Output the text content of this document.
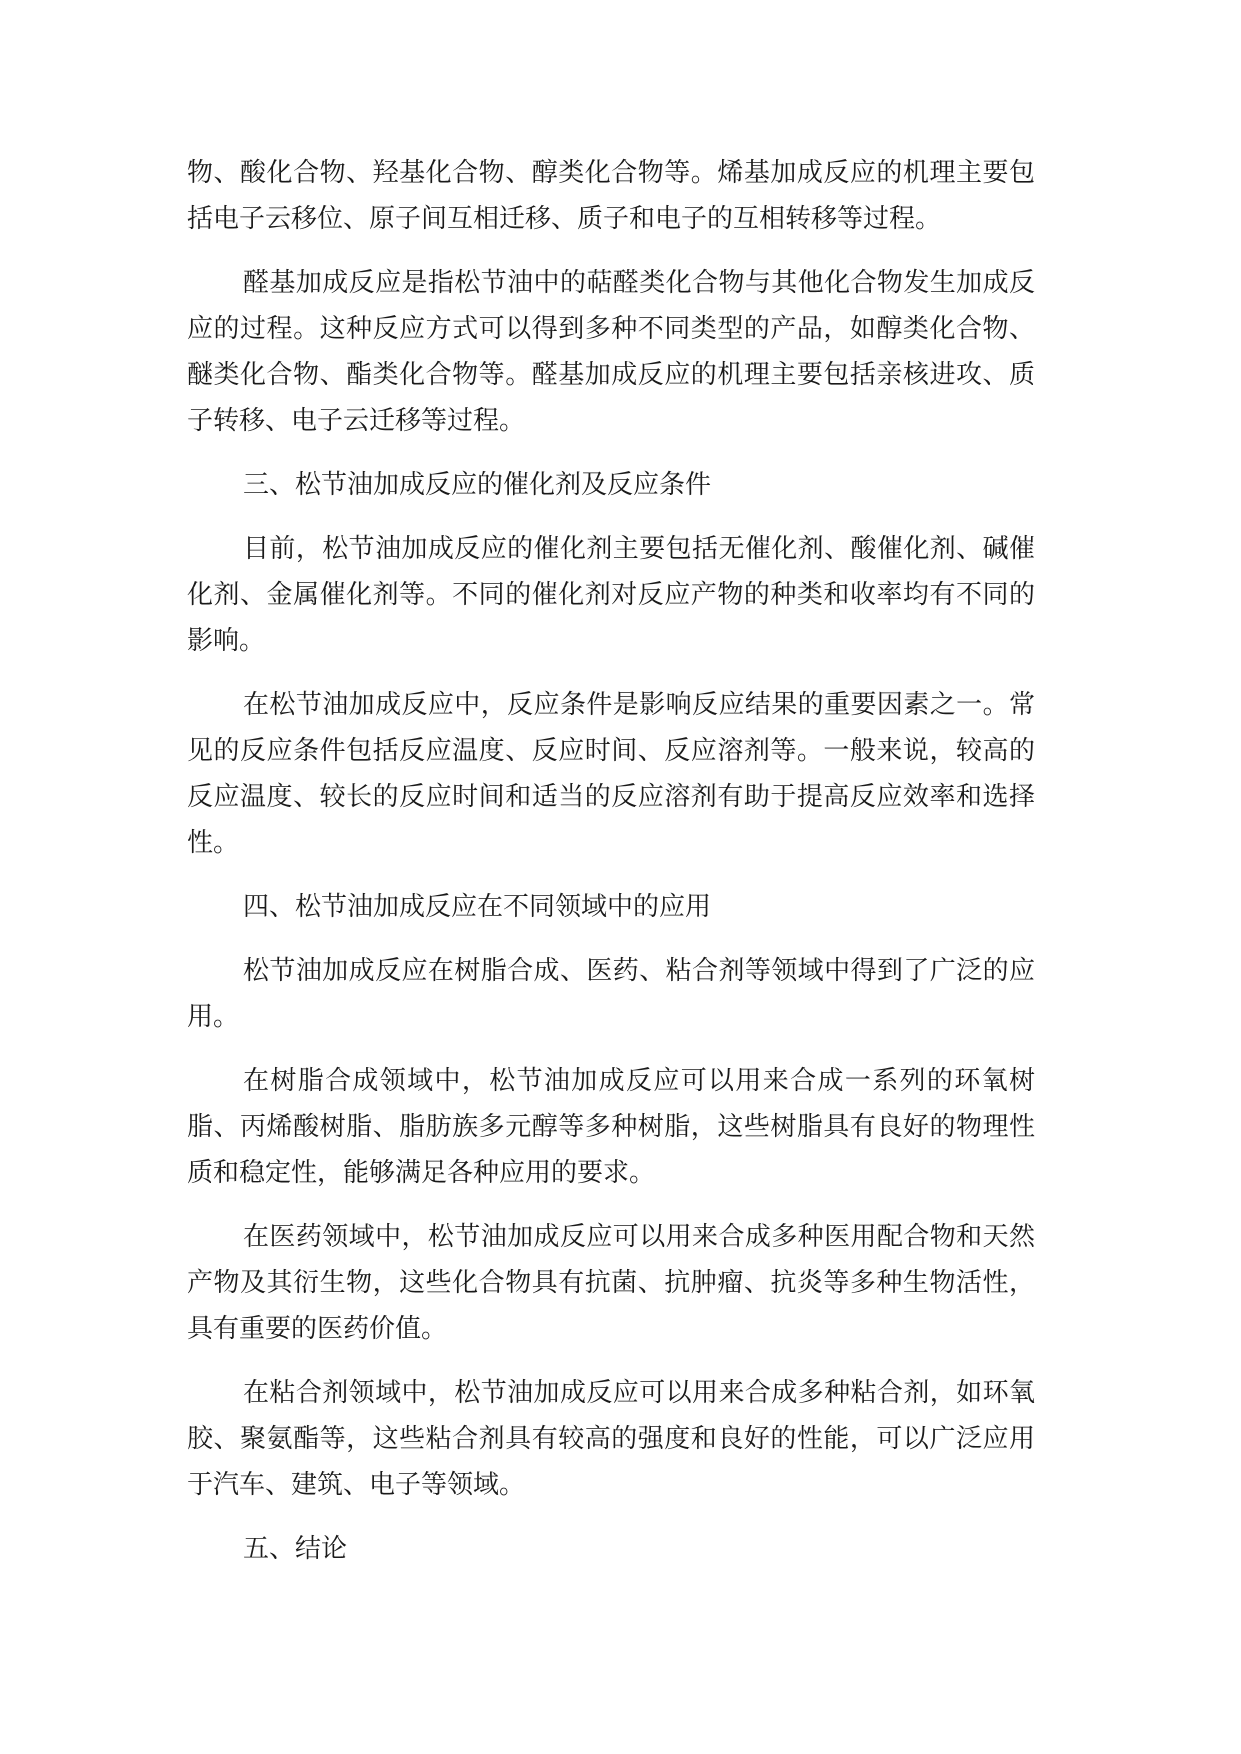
物、酸化合物、羟基化合物、醇类化合物等。烯基加成反应的机理主要包括电子云移位、原子间互相迁移、质子和电子的互相转移等过程。

醛基加成反应是指松节油中的萜醛类化合物与其他化合物发生加成反应的过程。这种反应方式可以得到多种不同类型的产品，如醇类化合物、醚类化合物、酯类化合物等。醛基加成反应的机理主要包括亲核进攻、质子转移、电子云迁移等过程。

三、松节油加成反应的催化剂及反应条件

目前，松节油加成反应的催化剂主要包括无催化剂、酸催化剂、碱催化剂、金属催化剂等。不同的催化剂对反应产物的种类和收率均有不同的影响。

在松节油加成反应中，反应条件是影响反应结果的重要因素之一。常见的反应条件包括反应温度、反应时间、反应溶剂等。一般来说，较高的反应温度、较长的反应时间和适当的反应溶剂有助于提高反应效率和选择性。

四、松节油加成反应在不同领域中的应用

松节油加成反应在树脂合成、医药、粘合剂等领域中得到了广泛的应用。

在树脂合成领域中，松节油加成反应可以用来合成一系列的环氧树脂、丙烯酸树脂、脂肪族多元醇等多种树脂，这些树脂具有良好的物理性质和稳定性，能够满足各种应用的要求。

在医药领域中，松节油加成反应可以用来合成多种医用配合物和天然产物及其衍生物，这些化合物具有抗菌、抗肿瘤、抗炎等多种生物活性，具有重要的医药价值。

在粘合剂领域中，松节油加成反应可以用来合成多种粘合剂，如环氧胶、聚氨酯等，这些粘合剂具有较高的强度和良好的性能，可以广泛应用于汽车、建筑、电子等领域。

五、结论
